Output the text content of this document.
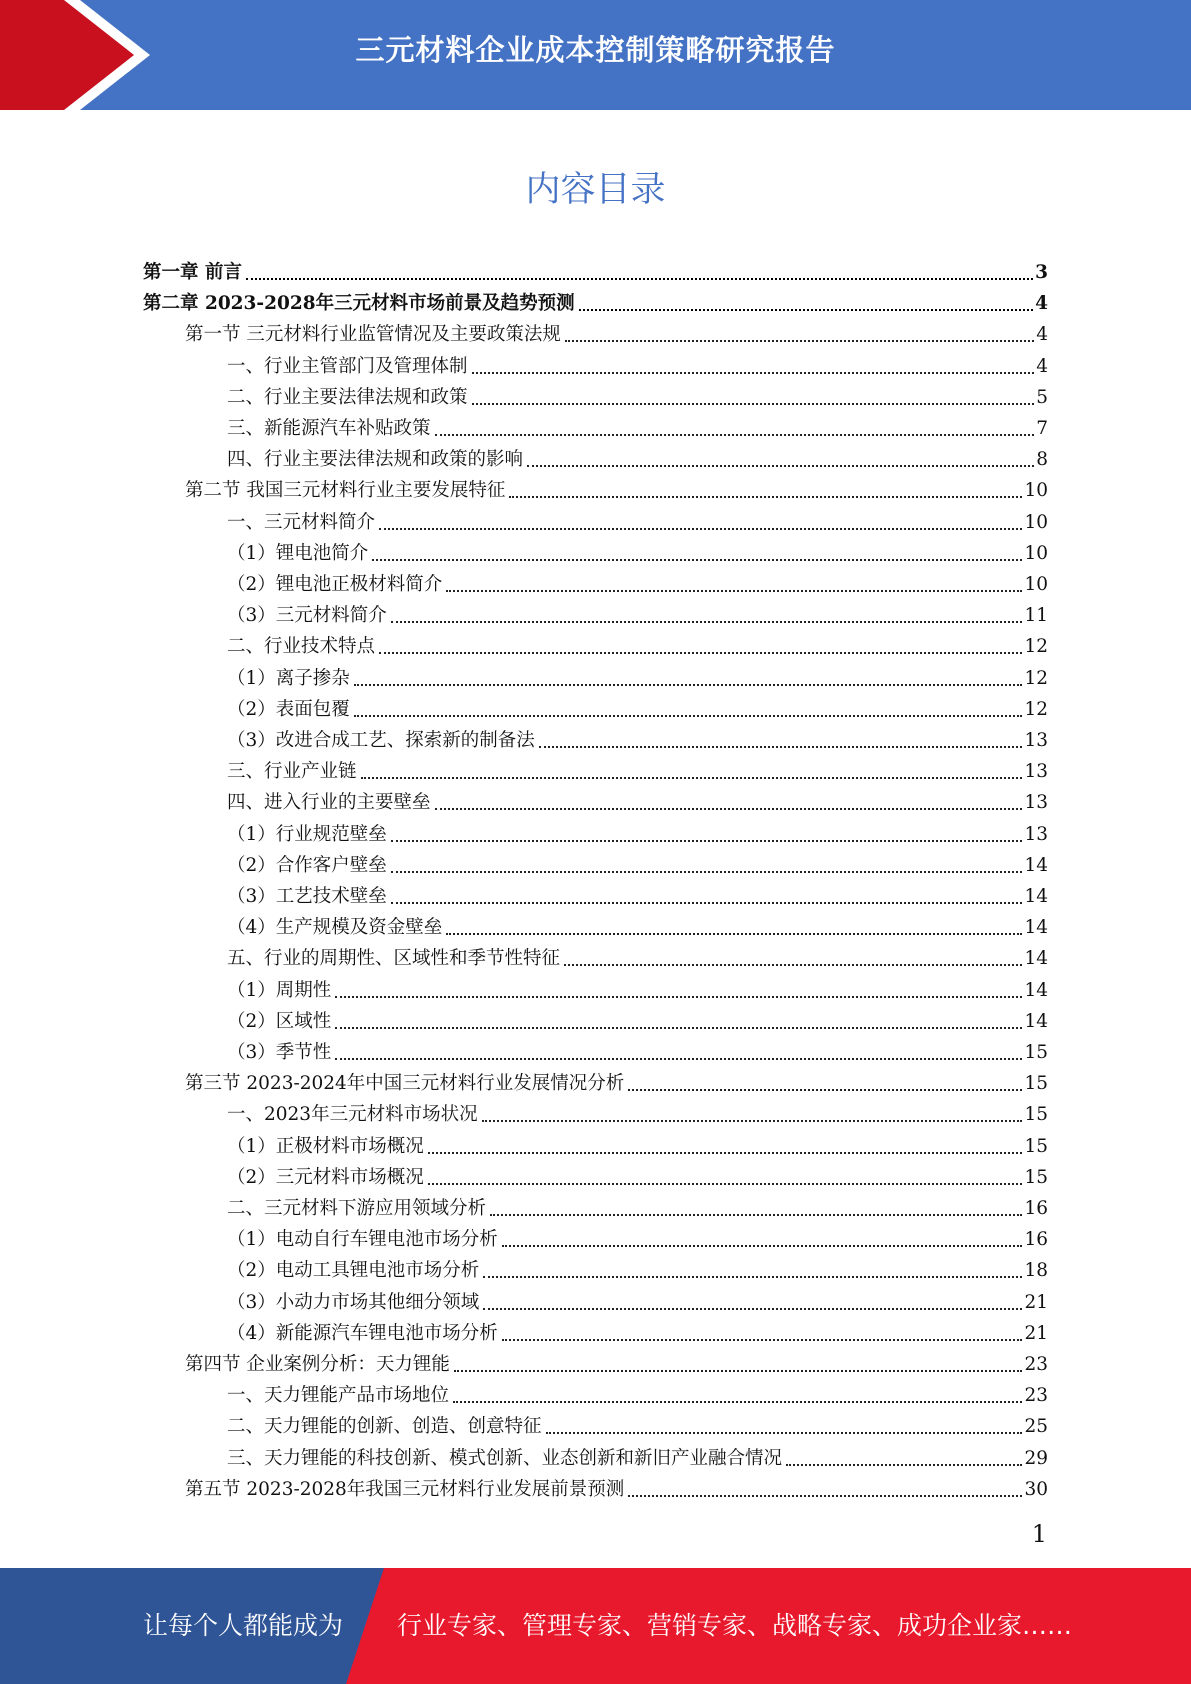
三元材料企业成本控制策略研究报告
内容目录
第一章 前言	3
第二章 2023-2028年三元材料市场前景及趋势预测	4
第一节 三元材料行业监管情况及主要政策法规	4
一、行业主管部门及管理体制	4
二、行业主要法律法规和政策	5
三、新能源汽车补贴政策	7
四、行业主要法律法规和政策的影响	8
第二节 我国三元材料行业主要发展特征	10
一、三元材料简介	10
（1）锂电池简介	10
（2）锂电池正极材料简介	10
（3）三元材料简介	11
二、行业技术特点	12
（1）离子掺杂	12
（2）表面包覆	12
（3）改进合成工艺、探索新的制备法	13
三、行业产业链	13
四、进入行业的主要壁垒	13
（1）行业规范壁垒	13
（2）合作客户壁垒	14
（3）工艺技术壁垒	14
（4）生产规模及资金壁垒	14
五、行业的周期性、区域性和季节性特征	14
（1）周期性	14
（2）区域性	14
（3）季节性	15
第三节 2023-2024年中国三元材料行业发展情况分析	15
一、2023年三元材料市场状况	15
（1）正极材料市场概况	15
（2）三元材料市场概况	15
二、三元材料下游应用领域分析	16
（1）电动自行车锂电池市场分析	16
（2）电动工具锂电池市场分析	18
（3）小动力市场其他细分领域	21
（4）新能源汽车锂电池市场分析	21
第四节 企业案例分析：天力锂能	23
一、天力锂能产品市场地位	23
二、天力锂能的创新、创造、创意特征	25
三、天力锂能的科技创新、模式创新、业态创新和新旧产业融合情况	29
第五节 2023-2028年我国三元材料行业发展前景预测	30
1
让每个人都能成为 行业专家、管理专家、营销专家、战略专家、成功企业家……
